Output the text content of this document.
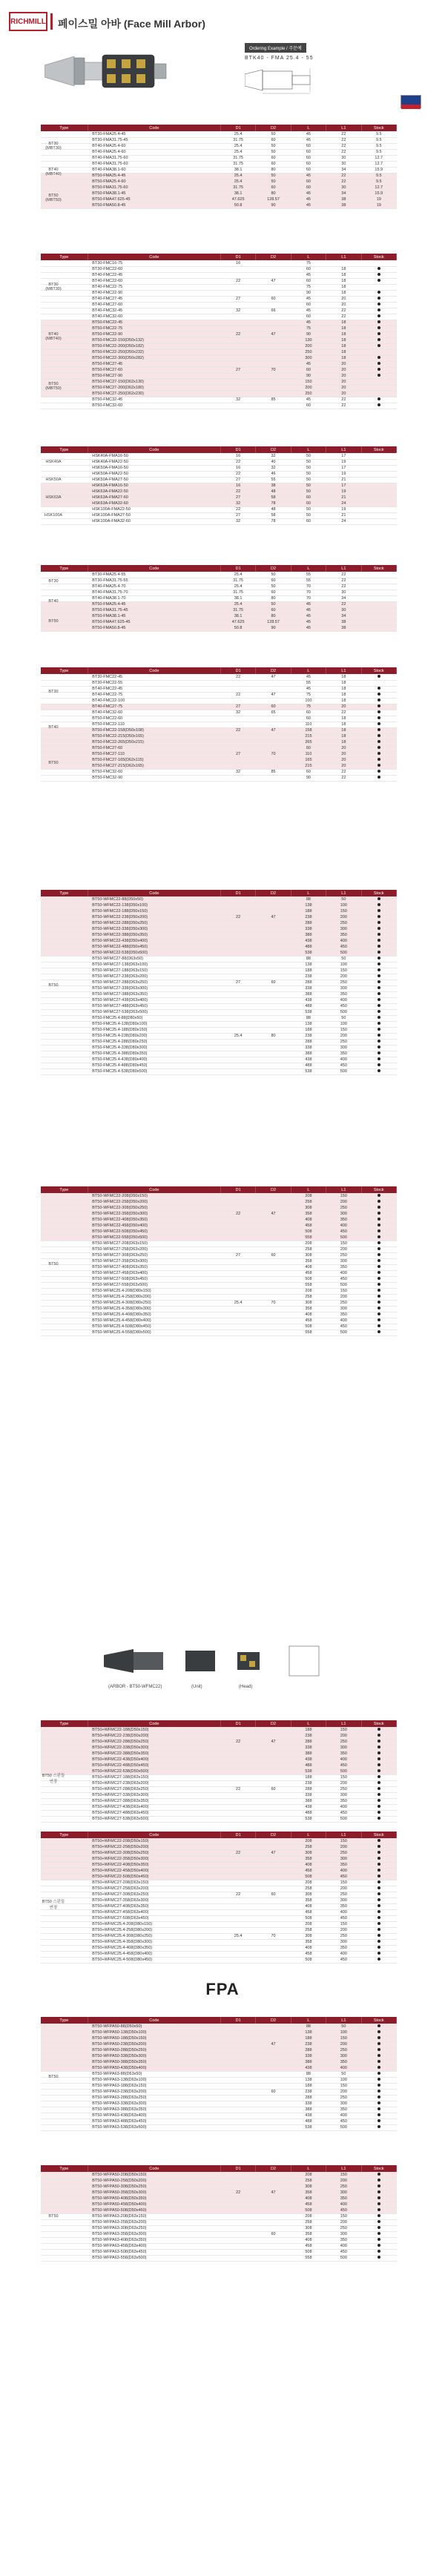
RICHMILL 페이스밀 아바 (Face Mill Arbor)
Ordering Example / 주문예
BTK40 - FMA 25.4 - 55
Type	Code	D1	D2	L	L1	Stock
	BT30-FMA25.4-45	25.4	50	45	22	9.5
	BT30-FMA31.75-45	31.75	60	45	22	9.5
	BT40-FMA25.4-60	25.4	50	60	22	9.5
	BT40-FMA25.4-60	25.4	50	60	22	9.5
	BT40-FMA31.75-60	31.75	60	60	30	12.7
	BT40-FMA31.75-60	31.75	60	60	30	12.7
	BT40-FMA38.1-60	38.1	80	60	34	15.9
	BT50-FMA25.4-45	25.4	50	45	22	9.5
	BT50-FMA25.4-60	25.4	50	60	22	9.5
	BT50-FMA31.75-60	31.75	60	60	30	12.7
	BT50-FMA38.1-45	38.1	80	45	34	15.9
	BT50-FMA47.625-45	47.625	128.57	45	38	19
	BT50-FMA50.8-45	50.8	90	45	38	19
BT30 (MBT30)
BT40 (MBT40)
BT50 (MBT50)
Type	Code	D1	D2	L	L1	Stock
	BT30-FMC16-75	16		75		
	BT30-FMC22-60			60	18	
	BT40-FMC22-45			45	18	
	BT40-FMC22-60	22	47	60	18	
	BT40-FMC22-75			75	18	
	BT40-FMC22-90			90	18	
	BT40-FMC27-45	27	60	45	20	
	BT40-FMC27-60			60	20	
	BT40-FMC32-45	32	66	45	22	
	BT40-FMC32-60			60	22	
	BT50-FMC22-45			45	18	
	BT50-FMC22-75			75	18	
	BT50-FMC22-90	22	47	90	18	
	BT50-FMC22-150(D50x132)			130	18	
	BT50-FMC22-200(D50x182)			200	18	
	BT50-FMC22-250(D50x232)			250	18	
	BT50-FMC22-300(D50x282)			300	18	
	BT50-FMC27-45			45	20	
	BT50-FMC27-60	27	70	60	20	
	BT50-FMC27-90			90	20	
	BT50-FMC27-150(D62x130)			150	20	
	BT50-FMC27-200(D62x180)			200	20	
	BT50-FMC27-250(D62x230)			250	20	
	BT50-FMC32-45	32	85	45	22	
	BT50-FMC32-60			60	22	
BT30 (MBT30)
BT40 (MBT40)
BT50 (MBT50)
Type	Code	D1	D2	L	L1	Stock
	HSK40A-FMA16-50	16	32	50	17	
	HSK40A-FMA22-50	22	40	50	19	
	HSK50A-FMA16-50	16	32	50	17	
	HSK50A-FMA22-50	22	46	50	19	
	HSK50A-FMA27-50	27	55	50	21	
	HSK63A-FMA16-50	16	38	50	17	
	HSK63A-FMA22-50	22	48	50	19	
	HSK63A-FMA27-60	27	58	60	21	
	HSK63A-FMA32-60	32	78	60	24	
	HSK100A-FMA22-50	22	48	50	19	
	HSK100A-FMA27-50	27	58	50	21	
	HSK100A-FMA32-60	32	78	60	24	
HSK40A
HSK50A
HSK63A
HSK100A
Type	Code	D1	D2	L	L1	Stock
	BT30-FMA25.4-55	25.4	50	55	22	
	BT30-FMA31.75-55	31.75	60	55	22	
	BT40-FMA25.4-70	25.4	50	70	22	
	BT40-FMA31.75-70	31.75	60	70	30	
	BT40-FMA38.1-70	38.1	80	70	34	
	BT50-FMA25.4-45	25.4	50	45	22	
	BT50-FMA31.75-45	31.75	60	45	30	
	BT50-FMA38.1-45	38.1	80	45	34	
	BT50-FMA47.625-45	47.625	128.57	45	38	
	BT50-FMA50.8-45	50.8	90	45	38	
BT30
BT40
BT50
Type	Code	D1	D2	L	L1	Stock
	BT30-FMC22-45	22	47	45	18	
	BT30-FMC22-55			55	18	
	BT40-FMC22-45			45	18	
	BT40-FMC22-75	22	47	75	18	
	BT40-FMC22-100			100	18	
	BT40-FMC27-75	27	60	75	20	
	BT40-FMC32-60	32	65	60	22	
	BT50-FMC22-60			60	18	
	BT50-FMC22-110			110	18	
	BT50-FMC22-158(D50x108)	22	47	158	18	
	BT50-FMC22-215(D50x165)			215	18	
	BT50-FMC22-265(D50x215)			265	18	
	BT50-FMC27-60			60	20	
	BT50-FMC27-110	27	70	110	20	
	BT50-FMC27-165(D62x115)			165	20	
	BT50-FMC27-215(D62x165)			215	20	
	BT50-FMC32-60	32	85	60	22	
	BT50-FMC32-90			90	22	
BT30
BT40
BT50
Type	Code	D1	D2	L	L1	Stock
	BT50-WFMC22-88(D50x50)			88	50	
	BT50-WFMC22-138(D50x100)			138	100	
	BT50-WFMC22-188(D50x150)			188	150	
	BT50-WFMC22-238(D50x200)	22	47	238	200	
	BT50-WFMC22-288(D50x250)			288	250	
	BT50-WFMC22-338(D50x300)			338	300	
	BT50-WFMC22-388(D50x350)			388	350	
	BT50-WFMC22-438(D50x400)			438	400	
	BT50-WFMC22-488(D50x450)			488	450	
	BT50-WFMC22-538(D50x500)			538	500	
	BT50-WFMC27-88(D63x50)			88	50	
	BT50-WFMC27-138(D63x100)			138	100	
	BT50-WFMC27-188(D63x150)			188	150	
	BT50-WFMC27-238(D63x200)			238	200	
	BT50-WFMC27-288(D63x250)	27	60	288	250	
	BT50-WFMC27-338(D63x300)			338	300	
	BT50-WFMC27-388(D63x350)			388	350	
	BT50-WFMC27-438(D63x400)			438	400	
	BT50-WFMC27-488(D63x450)			488	450	
	BT50-WFMC27-538(D63x500)			538	500	
	BT50-FMC25.4-88(D80x50)			88	50	
	BT50-FMC25.4-138(D80x100)			138	100	
	BT50-FMC25.4-188(D80x150)			188	150	
	BT50-FMC25.4-238(D80x200)	25.4	80	238	200	
	BT50-FMC25.4-288(D80x250)			288	250	
	BT50-FMC25.4-338(D80x300)			338	300	
	BT50-FMC25.4-388(D80x350)			388	350	
	BT50-FMC25.4-438(D80x400)			438	400	
	BT50-FMC25.4-488(D80x450)			488	450	
	BT50-FMC25.4-538(D80x500)			538	500	
BT50
Type	Code	D1	D2	L	L1	Stock
	BT50-WFMC22-208(D50x150)			208	150	
	BT50-WFMC22-258(D50x200)			258	200	
	BT50-WFMC22-308(D50x250)			308	250	
	BT50-WFMC22-358(D50x300)	22	47	358	300	
	BT50-WFMC22-408(D50x350)			408	350	
	BT50-WFMC22-458(D50x400)			458	400	
	BT50-WFMC22-508(D50x450)			508	450	
	BT50-WFMC22-558(D50x500)			558	500	
	BT50-WFMC27-208(D63x150)			208	150	
	BT50-WFMC27-258(D63x200)			258	200	
	BT50-WFMC27-308(D63x250)	27	60	308	250	
	BT50-WFMC27-358(D63x300)			358	300	
	BT50-WFMC27-408(D63x350)			408	350	
	BT50-WFMC27-458(D63x400)			458	400	
	BT50-WFMC27-508(D63x450)			508	450	
	BT50-WFMC27-558(D63x500)			558	500	
	BT50-WFMC25.4-208(D80x150)			208	150	
	BT50-WFMC25.4-258(D80x200)			258	200	
	BT50-WFMC25.4-308(D80x250)	25.4	70	308	250	
	BT50-WFMC25.4-358(D80x300)			358	300	
	BT50-WFMC25.4-408(D80x350)			408	350	
	BT50-WFMC25.4-458(D80x400)			458	400	
	BT50-WFMC25.4-508(D80x450)			508	450	
	BT50-WFMC25.4-558(D80x500)			558	500	
BT50
Type	Code	D1	D2	L	L1	Stock
	BT50+WFMC22-188(D50x150)			188	150	
	BT50+WFMC22-238(D50x200)			238	200	
	BT50+WFMC22-288(D50x250)	22	47	288	250	
	BT50+WFMC22-338(D50x300)			338	300	
	BT50+WFMC22-388(D50x350)			388	350	
	BT50+WFMC22-438(D50x400)			438	400	
	BT50+WFMC22-488(D50x450)			488	450	
	BT50+WFMC22-538(D50x500)			538	500	
	BT50+WFMC27-188(D63x150)			188	150	
	BT50+WFMC27-238(D63x200)			238	200	
	BT50+WFMC27-288(D63x250)	22	60	288	250	
	BT50+WFMC27-338(D63x300)			338	300	
	BT50+WFMC27-388(D63x350)			388	350	
	BT50+WFMC27-438(D63x400)			438	400	
	BT50+WFMC27-488(D63x450)			488	450	
	BT50+WFMC27-538(D63x500)			538	500	
BT50 스핀들 연장
Type	Code	D1	D2	L	L1	Stock
	BT50+WFMC22-208(D50x150)			208	150	
	BT50+WFMC22-258(D50x200)			258	200	
	BT50+WFMC22-308(D50x250)	22	47	308	250	
	BT50+WFMC22-358(D50x300)			358	300	
	BT50+WFMC22-408(D50x350)			408	350	
	BT50+WFMC22-458(D50x400)			458	400	
	BT50+WFMC22-508(D50x450)			508	450	
	BT50+WFMC27-208(D63x150)			208	150	
	BT50+WFMC27-258(D63x200)			258	200	
	BT50+WFMC27-308(D63x250)	22	60	308	250	
	BT50+WFMC27-358(D63x300)			358	300	
	BT50+WFMC27-408(D63x350)			408	350	
	BT50+WFMC27-458(D63x400)			458	400	
	BT50+WFMC27-508(D63x450)			508	450	
	BT50+WFMC25.4-208(D80x150)			208	150	
	BT50+WFMC25.4-258(D80x200)			258	200	
	BT50+WFMC25.4-308(D80x250)	25.4	70	308	250	
	BT50+WFMC25.4-358(D80x300)			358	300	
	BT50+WFMC25.4-408(D80x350)			408	350	
	BT50+WFMC25.4-458(D80x400)			458	400	
	BT50+WFMC25.4-508(D80x450)			508	450	
BT50 스핀들 연장
Type	Code	D1	D2	L	L1	Stock
	BT50-WFPA50-88(D50x50)			88	50	
	BT50-WFPA50-138(D50x100)			138	100	
	BT50-WFPA50-188(D50x150)			188	150	
	BT50-WFPA50-238(D50x200)		47	238	200	
	BT50-WFPA50-288(D50x250)			288	250	
	BT50-WFPA50-338(D50x300)			338	300	
	BT50-WFPA50-388(D50x350)			388	350	
	BT50-WFPA50-438(D50x400)			438	400	
	BT50-WFPA63-88(D63x50)			88	50	
	BT50-WFPA63-138(D63x100)			138	100	
	BT50-WFPA63-188(D63x150)			188	150	
	BT50-WFPA63-238(D63x200)		60	238	200	
	BT50-WFPA63-288(D63x250)			288	250	
	BT50-WFPA63-338(D63x300)			338	300	
	BT50-WFPA63-388(D63x350)			388	350	
	BT50-WFPA63-438(D63x400)			438	400	
	BT50-WFPA63-488(D63x450)			488	450	
	BT50-WFPA63-538(D63x500)			538	500	
BT50
Type	Code	D1	D2	L	L1	Stock
	BT50-WFPA50-208(D50x150)			208	150	
	BT50-WFPA50-258(D50x200)			258	200	
	BT50-WFPA50-308(D50x250)			308	250	
	BT50-WFPA50-358(D50x300)	22	47	358	300	
	BT50-WFPA50-408(D50x350)			408	350	
	BT50-WFPA50-458(D50x400)			458	400	
	BT50-WFPA50-508(D50x450)			508	450	
	BT50-WFPA63-208(D63x150)			208	150	
	BT50-WFPA63-258(D63x200)			258	200	
	BT50-WFPA63-308(D63x250)			308	250	
	BT50-WFPA63-358(D63x300)		60	358	300	
	BT50-WFPA63-408(D63x350)			408	350	
	BT50-WFPA63-458(D63x400)			458	400	
	BT50-WFPA63-508(D63x450)			508	450	
	BT50-WFPA63-558(D63x500)			558	500	
BT50
(ARBOR - BT50-WFMC22)	(Unit)	(Head)
FPA
